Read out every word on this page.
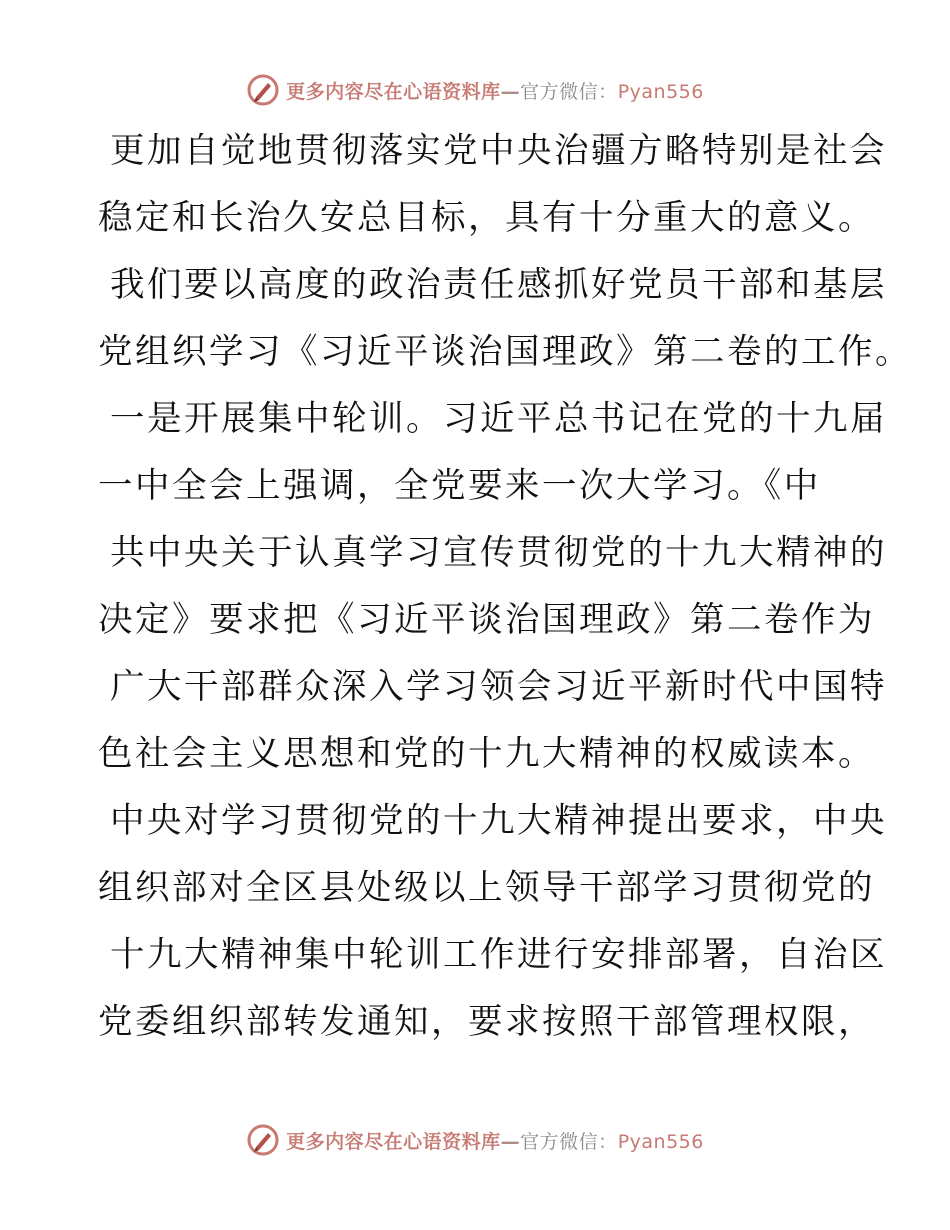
更多内容尽在心语资料库—官方微信：Pyan556
更加自觉地贯彻落实党中央治疆方略特别是社会
稳定和长治久安总目标，具有十分重大的意义。
我们要以高度的政治责任感抓好党员干部和基层
党组织学习《习近平谈治国理政》第二卷的工作。
一是开展集中轮训。习近平总书记在党的十九届
一中全会上强调，全党要来一次大学习。《中
共中央关于认真学习宣传贯彻党的十九大精神的
决定》要求把《习近平谈治国理政》第二卷作为
广大干部群众深入学习领会习近平新时代中国特
色社会主义思想和党的十九大精神的权威读本。
中央对学习贯彻党的十九大精神提出要求，中央
组织部对全区县处级以上领导干部学习贯彻党的
十九大精神集中轮训工作进行安排部署，自治区
党委组织部转发通知，要求按照干部管理权限，
更多内容尽在心语资料库—官方微信：Pyan556
